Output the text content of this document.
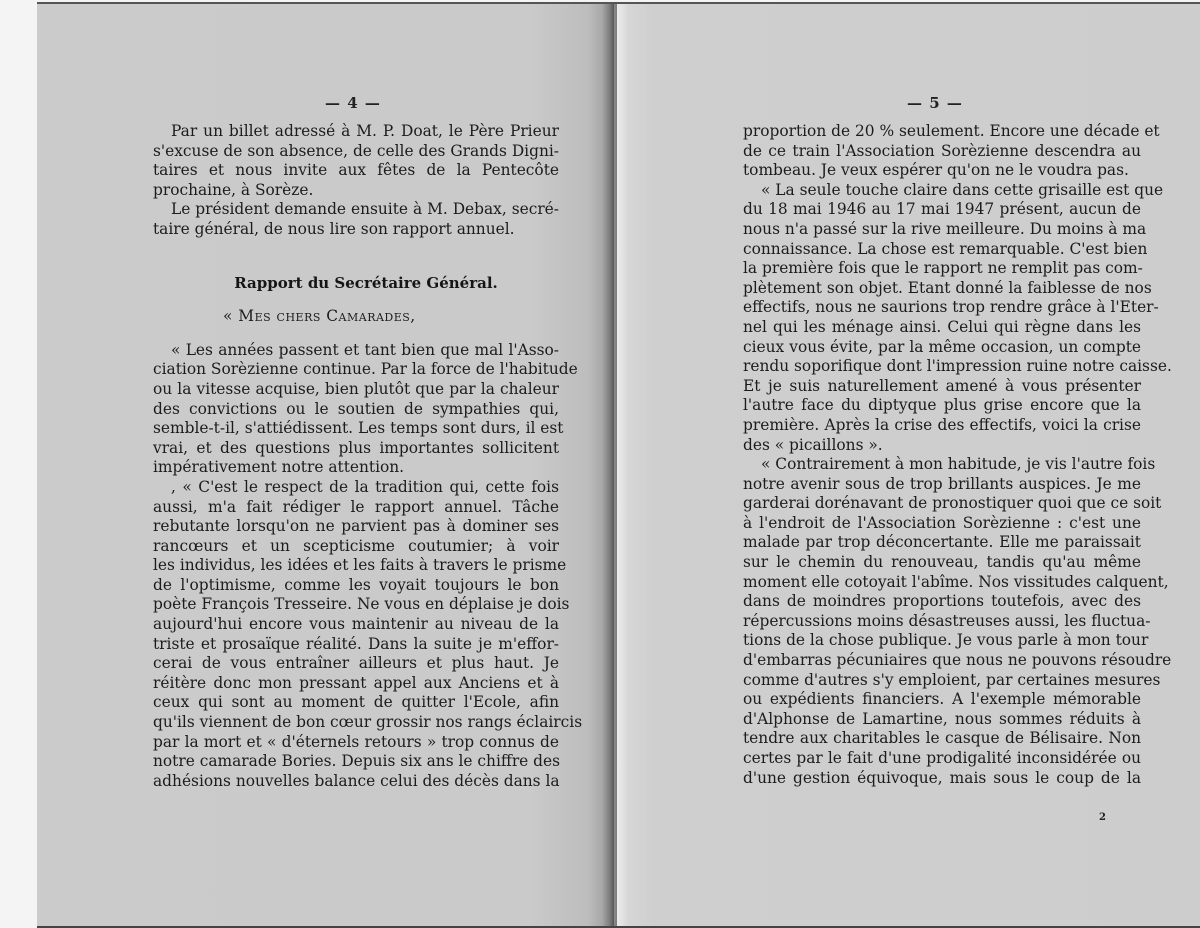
— 4 —
Par un billet adressé à M. P. Doat, le Père Prieur
s'excuse de son absence, de celle des Grands Digni-
taires et nous invite aux fêtes de la Pentecôte
prochaine, à Sorèze.
Le président demande ensuite à M. Debax, secré-
taire général, de nous lire son rapport annuel.
Rapport du Secrétaire Général.
« Mes chers Camarades,
« Les années passent et tant bien que mal l'Asso-
ciation Sorèzienne continue. Par la force de l'habitude
ou la vitesse acquise, bien plutôt que par la chaleur
des convictions ou le soutien de sympathies qui,
semble-t-il, s'attiédissent. Les temps sont durs, il est
vrai, et des questions plus importantes sollicitent
impérativement notre attention.
, « C'est le respect de la tradition qui, cette fois
aussi, m'a fait rédiger le rapport annuel. Tâche
rebutante lorsqu'on ne parvient pas à dominer ses
rancœurs et un scepticisme coutumier; à voir
les individus, les idées et les faits à travers le prisme
de l'optimisme, comme les voyait toujours le bon
poète François Tresseire. Ne vous en déplaise je dois
aujourd'hui encore vous maintenir au niveau de la
triste et prosaïque réalité. Dans la suite je m'effor-
cerai de vous entraîner ailleurs et plus haut. Je
réitère donc mon pressant appel aux Anciens et à
ceux qui sont au moment de quitter l'Ecole, afin
qu'ils viennent de bon cœur grossir nos rangs éclaircis
par la mort et « d'éternels retours » trop connus de
notre camarade Bories. Depuis six ans le chiffre des
adhésions nouvelles balance celui des décès dans la
— 5 —
proportion de 20 % seulement. Encore une décade et
de ce train l'Association Sorèzienne descendra au
tombeau. Je veux espérer qu'on ne le voudra pas.
« La seule touche claire dans cette grisaille est que
du 18 mai 1946 au 17 mai 1947 présent, aucun de
nous n'a passé sur la rive meilleure. Du moins à ma
connaissance. La chose est remarquable. C'est bien
la première fois que le rapport ne remplit pas com-
plètement son objet. Etant donné la faiblesse de nos
effectifs, nous ne saurions trop rendre grâce à l'Eter-
nel qui les ménage ainsi. Celui qui règne dans les
cieux vous évite, par la même occasion, un compte
rendu soporifique dont l'impression ruine notre caisse.
Et je suis naturellement amené à vous présenter
l'autre face du diptyque plus grise encore que la
première. Après la crise des effectifs, voici la crise
des « picaillons ».
« Contrairement à mon habitude, je vis l'autre fois
notre avenir sous de trop brillants auspices. Je me
garderai dorénavant de pronostiquer quoi que ce soit
à l'endroit de l'Association Sorèzienne : c'est une
malade par trop déconcertante. Elle me paraissait
sur le chemin du renouveau, tandis qu'au même
moment elle cotoyait l'abîme. Nos vissitudes calquent,
dans de moindres proportions toutefois, avec des
répercussions moins désastreuses aussi, les fluctua-
tions de la chose publique. Je vous parle à mon tour
d'embarras pécuniaires que nous ne pouvons résoudre
comme d'autres s'y emploient, par certaines mesures
ou expédients financiers. A l'exemple mémorable
d'Alphonse de Lamartine, nous sommes réduits à
tendre aux charitables le casque de Bélisaire. Non
certes par le fait d'une prodigalité inconsidérée ou
d'une gestion équivoque, mais sous le coup de la
2
